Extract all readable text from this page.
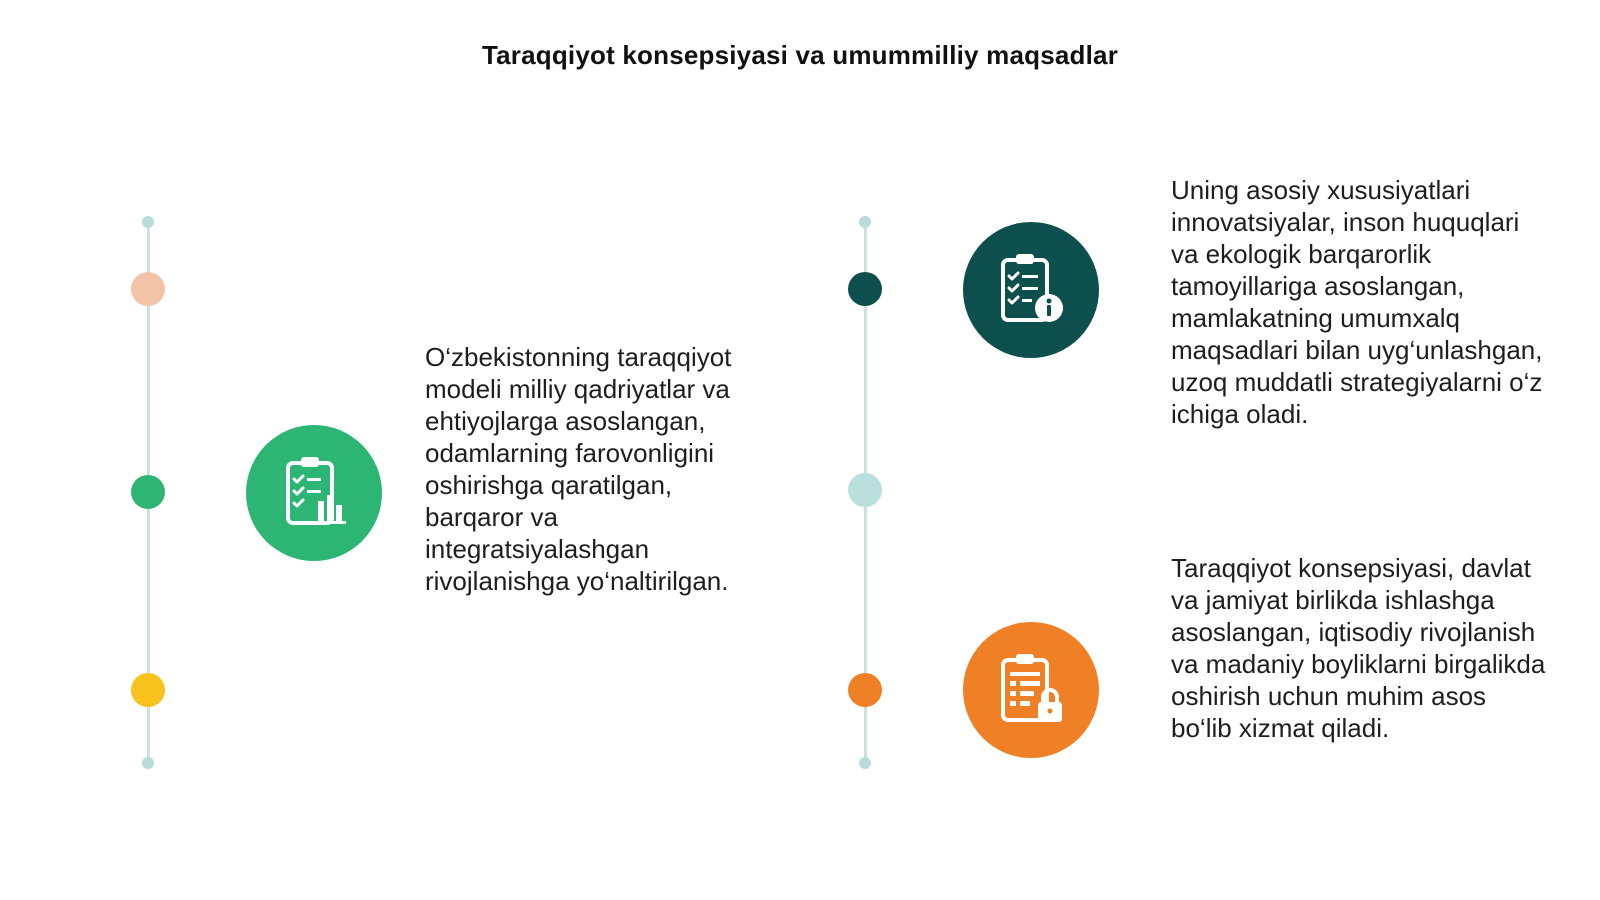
Taraqqiyot konsepsiyasi va umummilliy maqsadlar
O‘zbekistonning taraqqiyot modeli milliy qadriyatlar va ehtiyojlarga asoslangan, odamlarning farovonligini oshirishga qaratilgan, barqaror va integratsiyalashgan rivojlanishga yo‘naltirilgan.
Uning asosiy xususiyatlari innovatsiyalar, inson huquqlari va ekologik barqarorlik tamoyillariga asoslangan, mamlakatning umumxalq maqsadlari bilan uyg‘unlashgan, uzoq muddatli strategiyalarni o‘z ichiga oladi.
Taraqqiyot konsepsiyasi, davlat va jamiyat birlikda ishlashga asoslangan, iqtisodiy rivojlanish va madaniy boyliklarni birgalikda oshirish uchun muhim asos bo‘lib xizmat qiladi.
